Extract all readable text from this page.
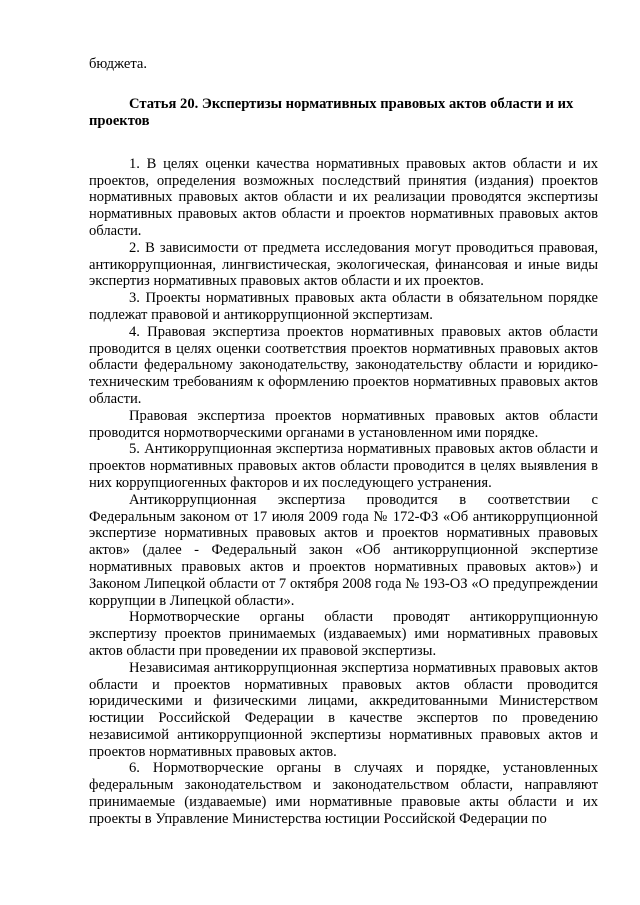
бюджета.

Статья 20. Экспертизы нормативных правовых актов области и их проектов

1. В целях оценки качества нормативных правовых актов области и их проектов, определения возможных последствий принятия (издания) проектов нормативных правовых актов области и их реализации проводятся экспертизы нормативных правовых актов области и проектов нормативных правовых актов области.

2. В зависимости от предмета исследования могут проводиться правовая, антикоррупционная, лингвистическая, экологическая, финансовая и иные виды экспертиз нормативных правовых актов области и их проектов.

3. Проекты нормативных правовых акта области в обязательном порядке подлежат правовой и антикоррупционной экспертизам.

4. Правовая экспертиза проектов нормативных правовых актов области проводится в целях оценки соответствия проектов нормативных правовых актов области федеральному законодательству, законодательству области и юридико-техническим требованиям к оформлению проектов нормативных правовых актов области.

Правовая экспертиза проектов нормативных правовых актов области проводится нормотворческими органами в установленном ими порядке.

5. Антикоррупционная экспертиза нормативных правовых актов области и проектов нормативных правовых актов области проводится в целях выявления в них коррупциогенных факторов и их последующего устранения.

Антикоррупционная экспертиза проводится в соответствии с Федеральным законом от 17 июля 2009 года № 172-ФЗ «Об антикоррупционной экспертизе нормативных правовых актов и проектов нормативных правовых актов» (далее - Федеральный закон «Об антикоррупционной экспертизе нормативных правовых актов и проектов нормативных правовых актов») и Законом Липецкой области от 7 октября 2008 года № 193-ОЗ «О предупреждении коррупции в Липецкой области».

Нормотворческие органы области проводят антикоррупционную экспертизу проектов принимаемых (издаваемых) ими нормативных правовых актов области при проведении их правовой экспертизы.

Независимая антикоррупционная экспертиза нормативных правовых актов области и проектов нормативных правовых актов области проводится юридическими и физическими лицами, аккредитованными Министерством юстиции Российской Федерации в качестве экспертов по проведению независимой антикоррупционной экспертизы нормативных правовых актов и проектов нормативных правовых актов.

6. Нормотворческие органы в случаях и порядке, установленных федеральным законодательством и законодательством области, направляют принимаемые (издаваемые) ими нормативные правовые акты области и их проекты в Управление Министерства юстиции Российской Федерации по
